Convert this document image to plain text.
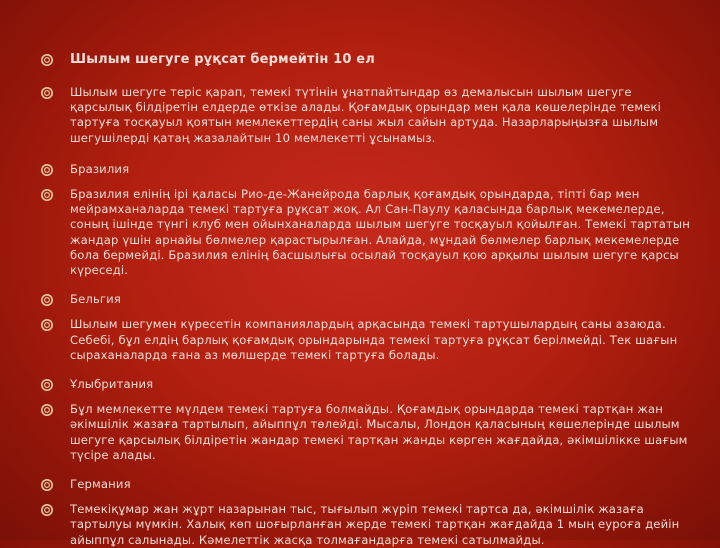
Шылым шегуге рұқсат бермейтін 10 ел
Шылым шегуге теріс қарап, темекі түтінін ұнатпайтындар өз демалысын шылым шегуге қарсылық білдіретін елдерде өткізе алады. Қоғамдық орындар мен қала көшелерінде темекі тартуға тосқауыл қоятын мемлекеттердің саны жыл сайын артуда. Назарларыңызға шылым шегушілерді қатаң жазалайтын 10 мемлекетті ұсынамыз.
Бразилия
Бразилия елінің ірі қаласы Рио-де-Жанейрода барлық қоғамдық орындарда, тіпті бар мен мейрамханаларда темекі тартуға рұқсат жоқ. Ал Сан-Паулу қаласында барлық мекемелерде, соның ішінде түнгі клуб мен ойынханаларда шылым шегуге тосқауыл қойылған. Темекі тартатын жандар үшін арнайы бөлмелер қарастырылған. Алайда, мұндай бөлмелер барлық мекемелерде бола бермейді. Бразилия елінің басшылығы осылай тосқауыл қою арқылы шылым шегуге қарсы күреседі.
Бельгия
Шылым шегумен күресетін компаниялардың арқасында темекі тартушылардың саны азаюда. Себебі, бұл елдің барлық қоғамдық орындарында темекі тартуға рұқсат берілмейді. Тек шағын сыраханаларда ғана аз мөлшерде темекі тартуға болады.
Ұлыбритания
Бұл мемлекетте мүлдем темекі тартуға болмайды. Қоғамдық орындарда темекі тартқан жан әкімшілік жазаға тартылып, айыппұл төлейді. Мысалы, Лондон қаласының көшелерінде шылым шегуге қарсылық білдіретін жандар темекі тартқан жанды көрген жағдайда, әкімшілікке шағым түсіре алады.
Германия
Темекіқұмар жан жұрт назарынан тыс, тығылып жүріп темекі тартса да, әкімшілік жазаға тартылуы мүмкін. Халық көп шоғырланған жерде темекі тартқан жағдайда 1 мың еуроға дейін айыппұл салынады. Кәмелеттік жасқа толмағандарға темекі сатылмайды.
